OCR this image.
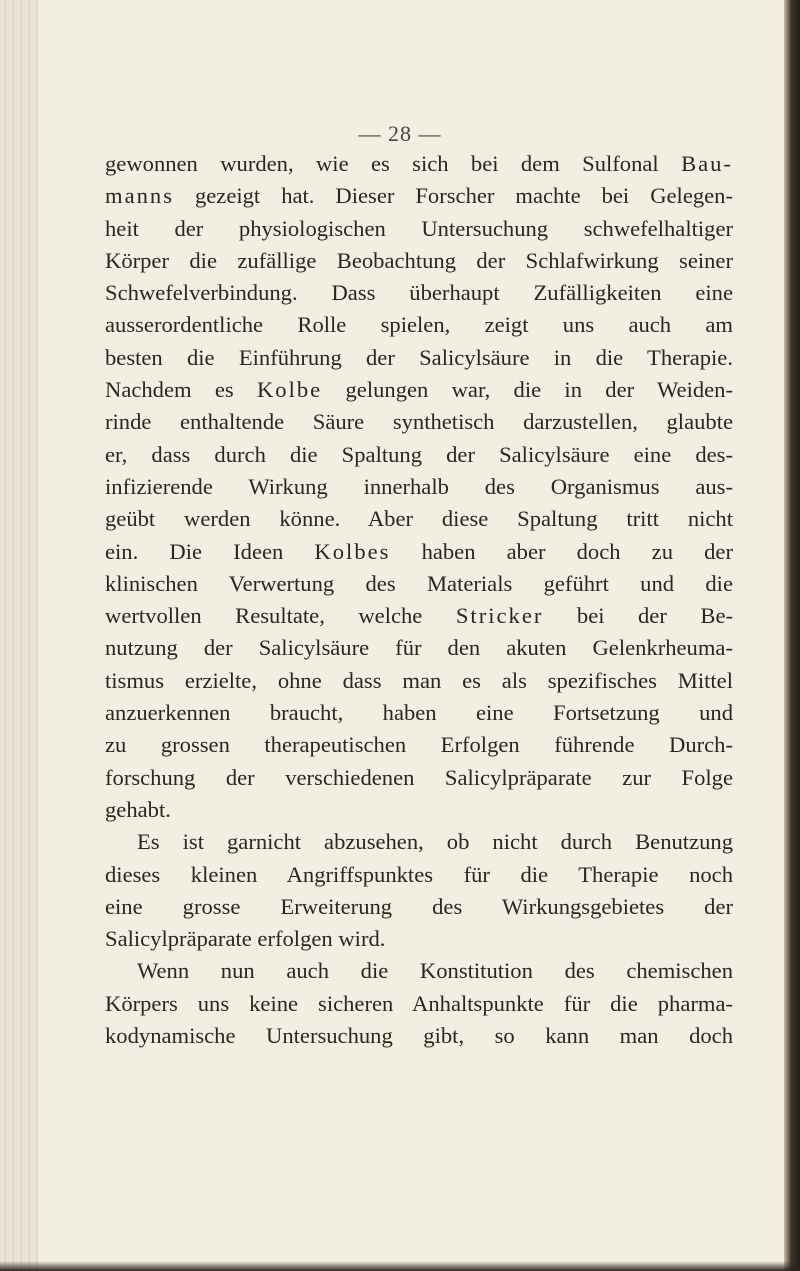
— 28 —
gewonnen wurden, wie es sich bei dem Sulfonal Bau-
manns gezeigt hat. Dieser Forscher machte bei Gelegen-
heit der physiologischen Untersuchung schwefelhaltiger
Körper die zufällige Beobachtung der Schlafwirkung seiner
Schwefelverbindung. Dass überhaupt Zufälligkeiten eine
ausserordentliche Rolle spielen, zeigt uns auch am
besten die Einführung der Salicylsäure in die Therapie.
Nachdem es Kolbe gelungen war, die in der Weiden-
rinde enthaltende Säure synthetisch darzustellen, glaubte
er, dass durch die Spaltung der Salicylsäure eine des-
infizierende Wirkung innerhalb des Organismus aus-
geübt werden könne. Aber diese Spaltung tritt nicht
ein. Die Ideen Kolbes haben aber doch zu der
klinischen Verwertung des Materials geführt und die
wertvollen Resultate, welche Stricker bei der Be-
nutzung der Salicylsäure für den akuten Gelenkrheuma-
tismus erzielte, ohne dass man es als spezifisches Mittel
anzuerkennen braucht, haben eine Fortsetzung und
zu grossen therapeutischen Erfolgen führende Durch-
forschung der verschiedenen Salicylpräparate zur Folge
gehabt.
Es ist garnicht abzusehen, ob nicht durch Benutzung
dieses kleinen Angriffspunktes für die Therapie noch
eine grosse Erweiterung des Wirkungsgebietes der
Salicylpräparate erfolgen wird.
Wenn nun auch die Konstitution des chemischen
Körpers uns keine sicheren Anhaltspunkte für die pharma-
kodynamische Untersuchung gibt, so kann man doch
